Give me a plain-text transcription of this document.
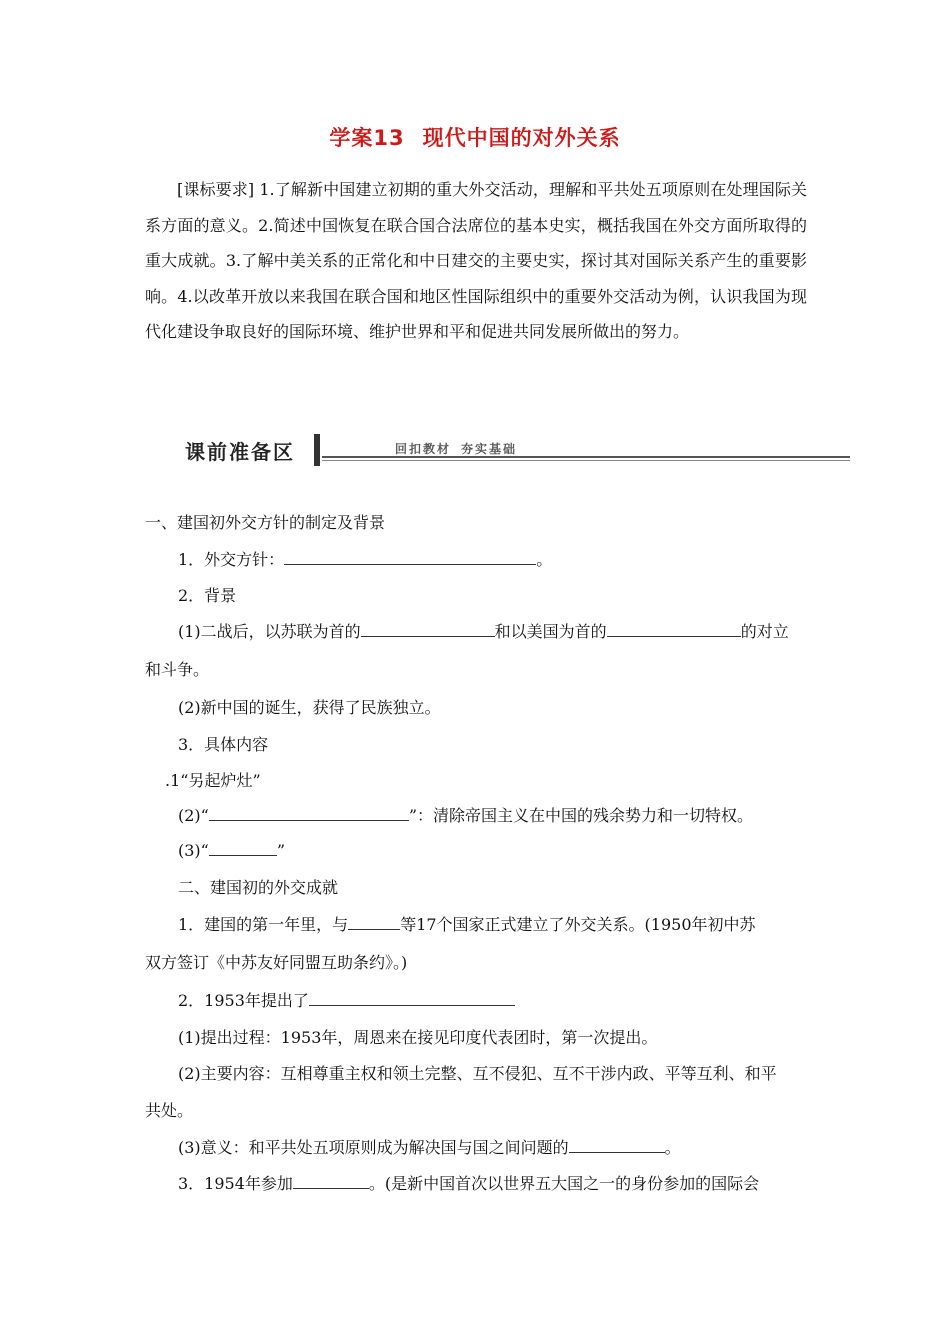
学案13 现代中国的对外关系
[课标要求] 1.了解新中国建立初期的重大外交活动，理解和平共处五项原则在处理国际关系方面的意义。2.简述中国恢复在联合国合法席位的基本史实，概括我国在外交方面所取得的重大成就。3.了解中美关系的正常化和中日建交的主要史实，探讨其对国际关系产生的重要影响。4.以改革开放以来我国在联合国和地区性国际组织中的重要外交活动为例，认识我国为现代化建设争取良好的国际环境、维护世界和平和促进共同发展所做出的努力。
课前准备区	回扣教材 夯实基础
一、建国初外交方针的制定及背景
1．外交方针：	。
2．背景
(1)二战后，以苏联为首的	和以美国为首的	的对立
和斗争。
(2)新中国的诞生，获得了民族独立。
3．具体内容
.1“另起炉灶”
(2)“	”：清除帝国主义在中国的残余势力和一切特权。
(3)“	”
二、建国初的外交成就
1．建国的第一年里，与	等17个国家正式建立了外交关系。(1950年初中苏
双方签订《中苏友好同盟互助条约》。)
2．1953年提出了
(1)提出过程：1953年，周恩来在接见印度代表团时，第一次提出。
(2)主要内容：互相尊重主权和领土完整、互不侵犯、互不干涉内政、平等互利、和平
共处。
(3)意义：和平共处五项原则成为解决国与国之间问题的	。
3．1954年参加	。(是新中国首次以世界五大国之一的身份参加的国际会
